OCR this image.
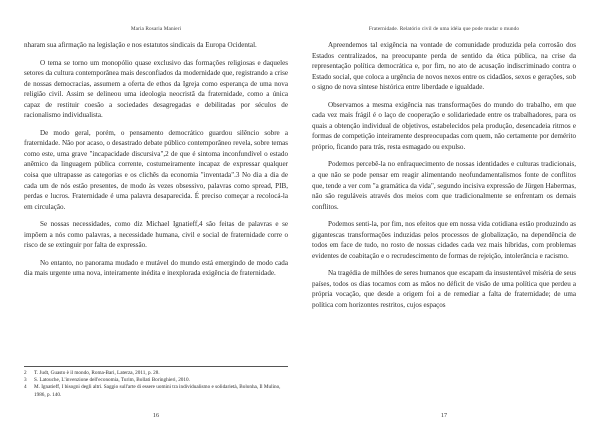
Maria Rosaria Manieri

nharam sua afirmação na legislação e nos estatutos sindicais da Europa Ocidental.

O tema se torno um monopólio quase exclusivo das formações religiosas e daqueles setores da cultura contemporânea mais desconfiados da modernidade que, registrando a crise de nossas democracias, assumem a oferta de ethos da Igreja como esperança de uma nova religião civil. Assim se delineou uma ideologia neocristã da fraternidade, como a única capaz de restituir coesão a sociedades desagregadas e debilitadas por séculos de racionalismo individualista.

De modo geral, porém, o pensamento democrático guardou silêncio sobre a fraternidade. Não por acaso, o desastrado debate público contemporâneo revela, sobre temas como este, uma grave "incapacidade discursiva",2 de que é sintoma inconfundível o estado anêmico da linguagem pública corrente, costumeiramente incapaz de expressar qualquer coisa que ultrapasse as categorias e os clichês da economia "inventada".3 No dia a dia de cada um de nós estão presentes, de modo às vezes obsessivo, palavras como spread, PIB, perdas e lucros. Fraternidade é uma palavra desaparecida. É preciso começar a recolocá-la em circulação.

Se nossas necessidades, como diz Michael Ignatieff,4 são feitas de palavras e se impõem a nós como palavras, a necessidade humana, civil e social de fraternidade corre o risco de se extinguir por falta de expressão.

No entanto, no panorama mudado e mutável do mundo está emergindo de modo cada dia mais urgente uma nova, inteiramente inédita e inexplorada exigência de fraternidade.

2	T. Judt, Guasto è il mondo, Roma-Bari, Laterza, 2011, p. 28.
3	S. Latouche, L'invenzione dell'economia, Turim, Bollati Boringhieri, 2010.
4	M. Ignatieff, I bisogni degli altri. Saggio sull'arte di essere uomini tra individualismo e solidarietà, Bolonha, Il Mulino, 1986, p. 140.
16
Fraternidade. Relatório civil de uma idéia que pode mudar o mundo

Apreendemos tal exigência na vontade de comunidade produzida pela corrosão dos Estados centralizados, na preocupante perda de sentido da ética pública, na crise da representação política democrática e, por fim, no ato de acusação indiscriminado contra o Estado social, que coloca a urgência de novos nexos entre os cidadãos, sexos e gerações, sob o signo de nova síntese histórica entre liberdade e igualdade.

Observamos a mesma exigência nas transformações do mundo do trabalho, em que cada vez mais frágil é o laço de cooperação e solidariedade entre os trabalhadores, para os quais a obtenção individual de objetivos, estabelecidos pela produção, desencadeia ritmos e formas de competição inteiramente despreocupadas com quem, não certamente por demérito próprio, ficando para trás, resta esmagado ou expulso.

Podemos percebê-la no enfraquecimento de nossas identidades e culturas tradicionais, a que não se pode pensar em reagir alimentando neofundamentalismos fonte de conflitos que, tende a ver com "a gramática da vida", segundo incisiva expressão de Jürgen Habermas, não são reguláveis através dos meios com que tradicionalmente se enfrentam os demais conflitos.

Podemos senti-la, por fim, nos efeitos que em nossa vida cotidiana estão produzindo as gigantescas transformações induzidas pelos processos de globalização, na dependência de todos em face de tudo, no rosto de nossas cidades cada vez mais híbridas, com problemas evidentes de coabitação e o recrudescimento de formas de rejeição, intolerância e racismo.

Na tragédia de milhões de seres humanos que escapam da insustentável miséria de seus países, todos os dias tocamos com as mãos no déficit de visão de uma política que perdeu a própria vocação, que desde a origem foi a de remediar a falta de fraternidade; de uma política com horizontes restritos, cujos espaços

17
